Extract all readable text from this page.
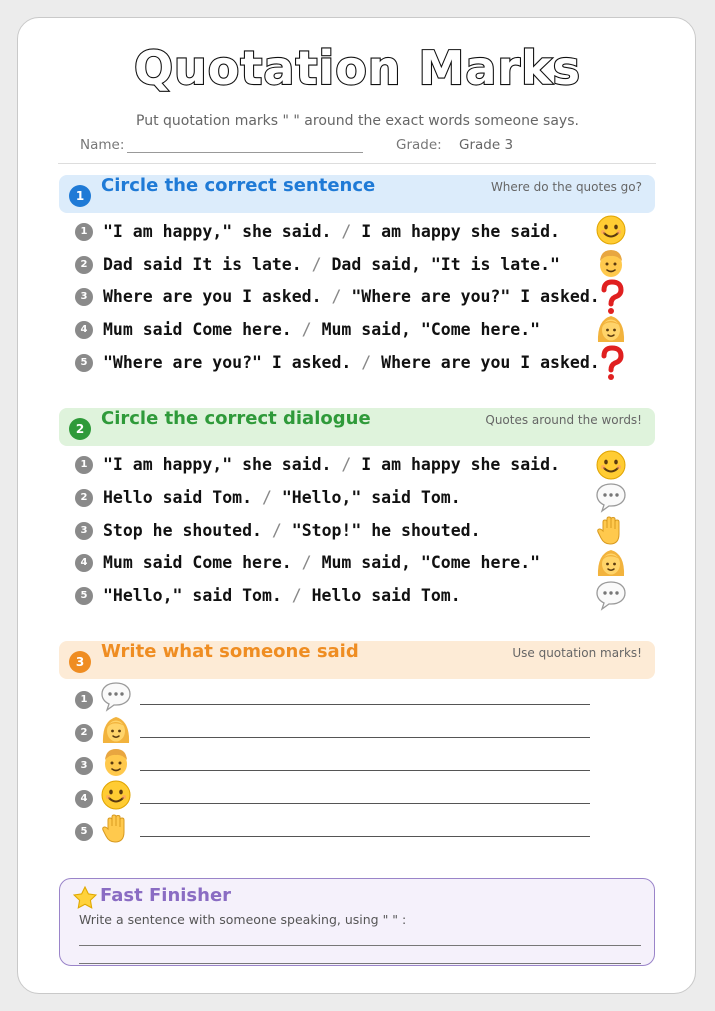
Quotation Marks
Put quotation marks " " around the exact words someone says.
Name:	Grade: Grade 3
1 Circle the correct sentence	Where do the quotes go?
2 Circle the correct dialogue	Quotes around the words!
3 Write what someone said	Use quotation marks!
1 "I am happy," she said. / I am happy she said.
2 Dad said It is late. / Dad said, "It is late."
3 Where are you I asked. / "Where are you?" I asked.
4 Mum said Come here. / Mum said, "Come here."
5 "Where are you?" I asked. / Where are you I asked.
1 "I am happy," she said. / I am happy she said.
2 Hello said Tom. / "Hello," said Tom.
3 Stop he shouted. / "Stop!" he shouted.
4 Mum said Come here. / Mum said, "Come here."
5 "Hello," said Tom. / Hello said Tom.
1
2
3
4
5
Fast Finisher
Write a sentence with someone speaking, using " " :
